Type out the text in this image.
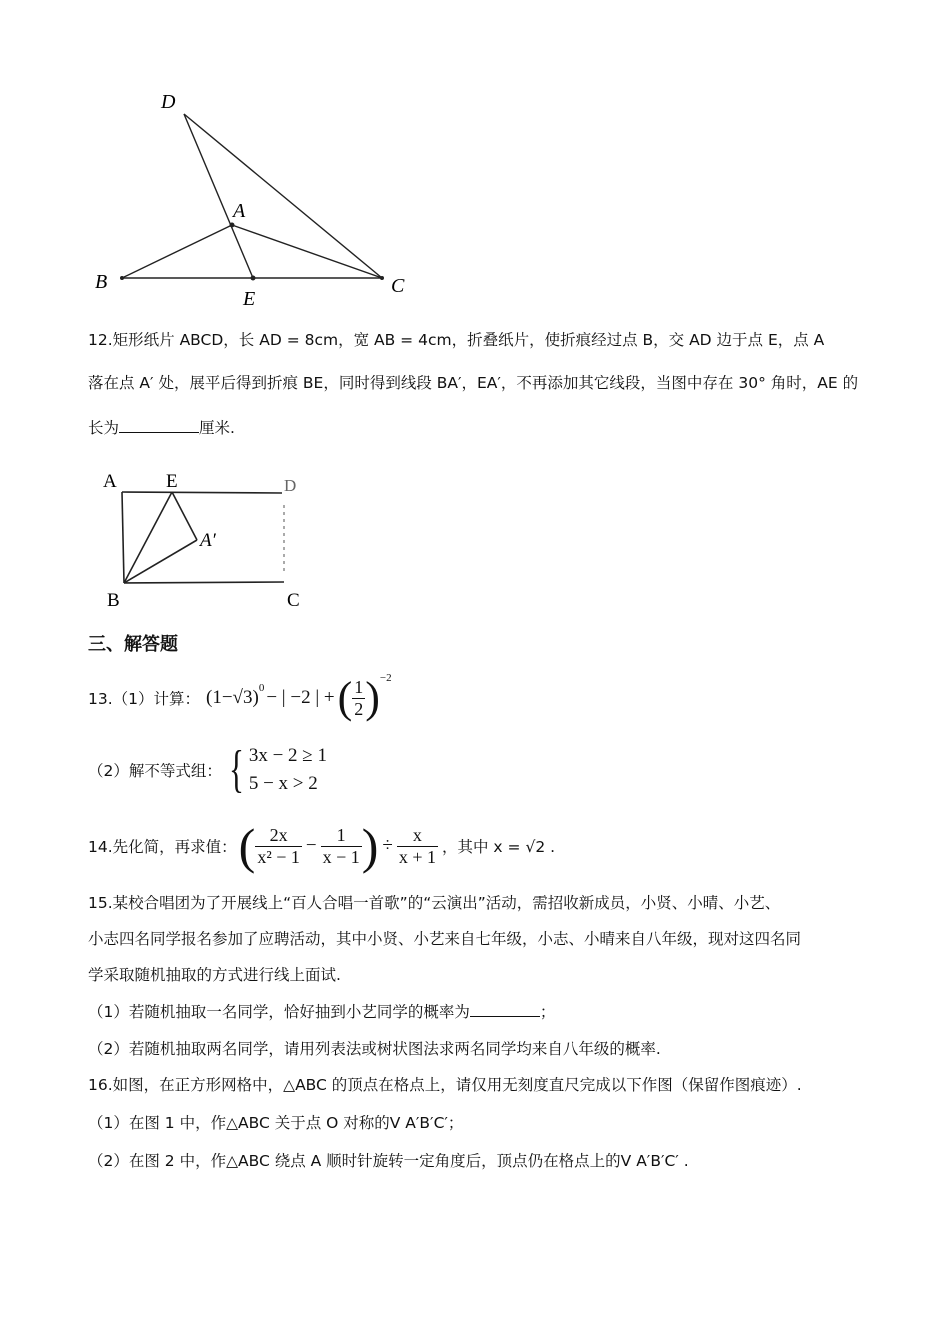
D
A
B
E
C
12.矩形纸片 ABCD，长 AD = 8cm，宽 AB = 4cm，折叠纸片，使折痕经过点 B，交 AD 边于点 E，点 A
落在点 A′ 处，展平后得到折痕 BE，同时得到线段 BA′，EA′，不再添加其它线段，当图中存在 30° 角时，AE 的
长为	厘米.
A	E	D
A′
B	C
三、解答题
13.（1）计算： $(1-√3)^0$ − | −2 | + ( $\frac{1}{2} )^{-2}$
（2）解不等式组： { 3x − 2 ≥ 1
5 − x > 2
14.先化简，再求值： ( $\frac{2x}{\text{x² − 1}} - \frac{1}{x - 1}$ ) ÷ $\frac{x}{x + 1}$ ，其中 x = √2 .
15.某校合唱团为了开展线上“百人合唱一首歌”的“云演出”活动，需招收新成员，小贤、小晴、小艺、
小志四名同学报名参加了应聘活动，其中小贤、小艺来自七年级，小志、小晴来自八年级，现对这四名同
学采取随机抽取的方式进行线上面试.
（1）若随机抽取一名同学，恰好抽到小艺同学的概率为	；
（2）若随机抽取两名同学，请用列表法或树状图法求两名同学均来自八年级的概率.
16.如图，在正方形网格中，△ABC 的顶点在格点上，请仅用无刻度直尺完成以下作图（保留作图痕迹）.
（1）在图 1 中，作△ABC 关于点 O 对称的V A′B′C′；
（2）在图 2 中，作△ABC 绕点 A 顺时针旋转一定角度后，顶点仍在格点上的V A′B′C′ .
